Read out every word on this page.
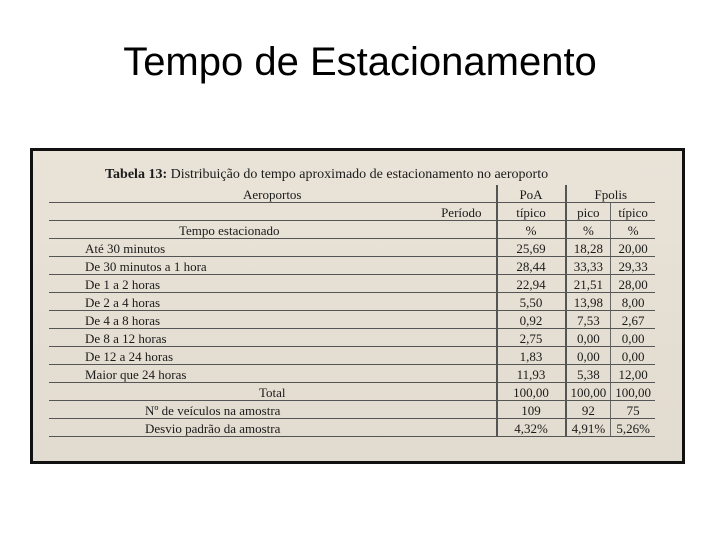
Tempo de Estacionamento
Tabela 13: Distribuição do tempo aproximado de estacionamento no aeroporto
Aeroportos	PoA	Fpolis	
Período	típico	pico	típico
Tempo estacionado	%	%	%
Até 30 minutos	25,69	18,28	20,00
De 30 minutos a 1 hora	28,44	33,33	29,33
De 1 a 2 horas	22,94	21,51	28,00
De 2 a 4 horas	5,50	13,98	8,00
De 4 a 8 horas	0,92	7,53	2,67
De 8 a 12 horas	2,75	0,00	0,00
De 12 a 24 horas	1,83	0,00	0,00
Maior que 24 horas	11,93	5,38	12,00
Total	100,00	100,00	100,00
Nº de veículos na amostra	109	92	75
Desvio padrão da amostra	4,32%	4,91%	5,26%
